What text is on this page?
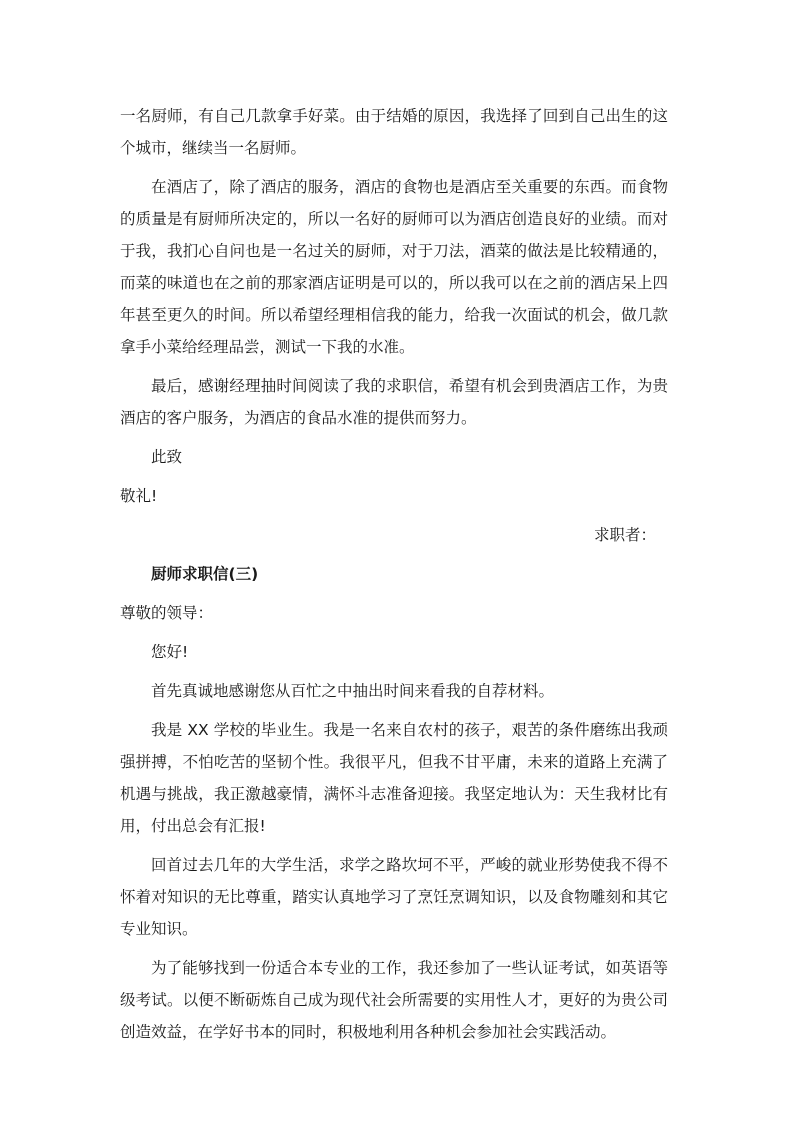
一名厨师，有自己几款拿手好菜。由于结婚的原因，我选择了回到自己出生的这个城市，继续当一名厨师。

在酒店了，除了酒店的服务，酒店的食物也是酒店至关重要的东西。而食物的质量是有厨师所决定的，所以一名好的厨师可以为酒店创造良好的业绩。而对于我，我扪心自问也是一名过关的厨师，对于刀法，酒菜的做法是比较精通的，而菜的味道也在之前的那家酒店证明是可以的，所以我可以在之前的酒店呆上四年甚至更久的时间。所以希望经理相信我的能力，给我一次面试的机会，做几款拿手小菜给经理品尝，测试一下我的水准。

最后，感谢经理抽时间阅读了我的求职信，希望有机会到贵酒店工作，为贵酒店的客户服务，为酒店的食品水准的提供而努力。

此致

敬礼!

求职者：

厨师求职信(三)

尊敬的领导：

您好!

首先真诚地感谢您从百忙之中抽出时间来看我的自荐材料。

我是 XX 学校的毕业生。我是一名来自农村的孩子，艰苦的条件磨练出我顽强拼搏，不怕吃苦的坚韧个性。我很平凡，但我不甘平庸，未来的道路上充满了机遇与挑战，我正激越豪情，满怀斗志准备迎接。我坚定地认为：天生我材比有用，付出总会有汇报!

回首过去几年的大学生活，求学之路坎坷不平，严峻的就业形势使我不得不怀着对知识的无比尊重，踏实认真地学习了烹饪烹调知识，以及食物雕刻和其它专业知识。

为了能够找到一份适合本专业的工作，我还参加了一些认证考试，如英语等级考试。以便不断砺炼自己成为现代社会所需要的实用性人才，更好的为贵公司创造效益，在学好书本的同时，积极地利用各种机会参加社会实践活动。
